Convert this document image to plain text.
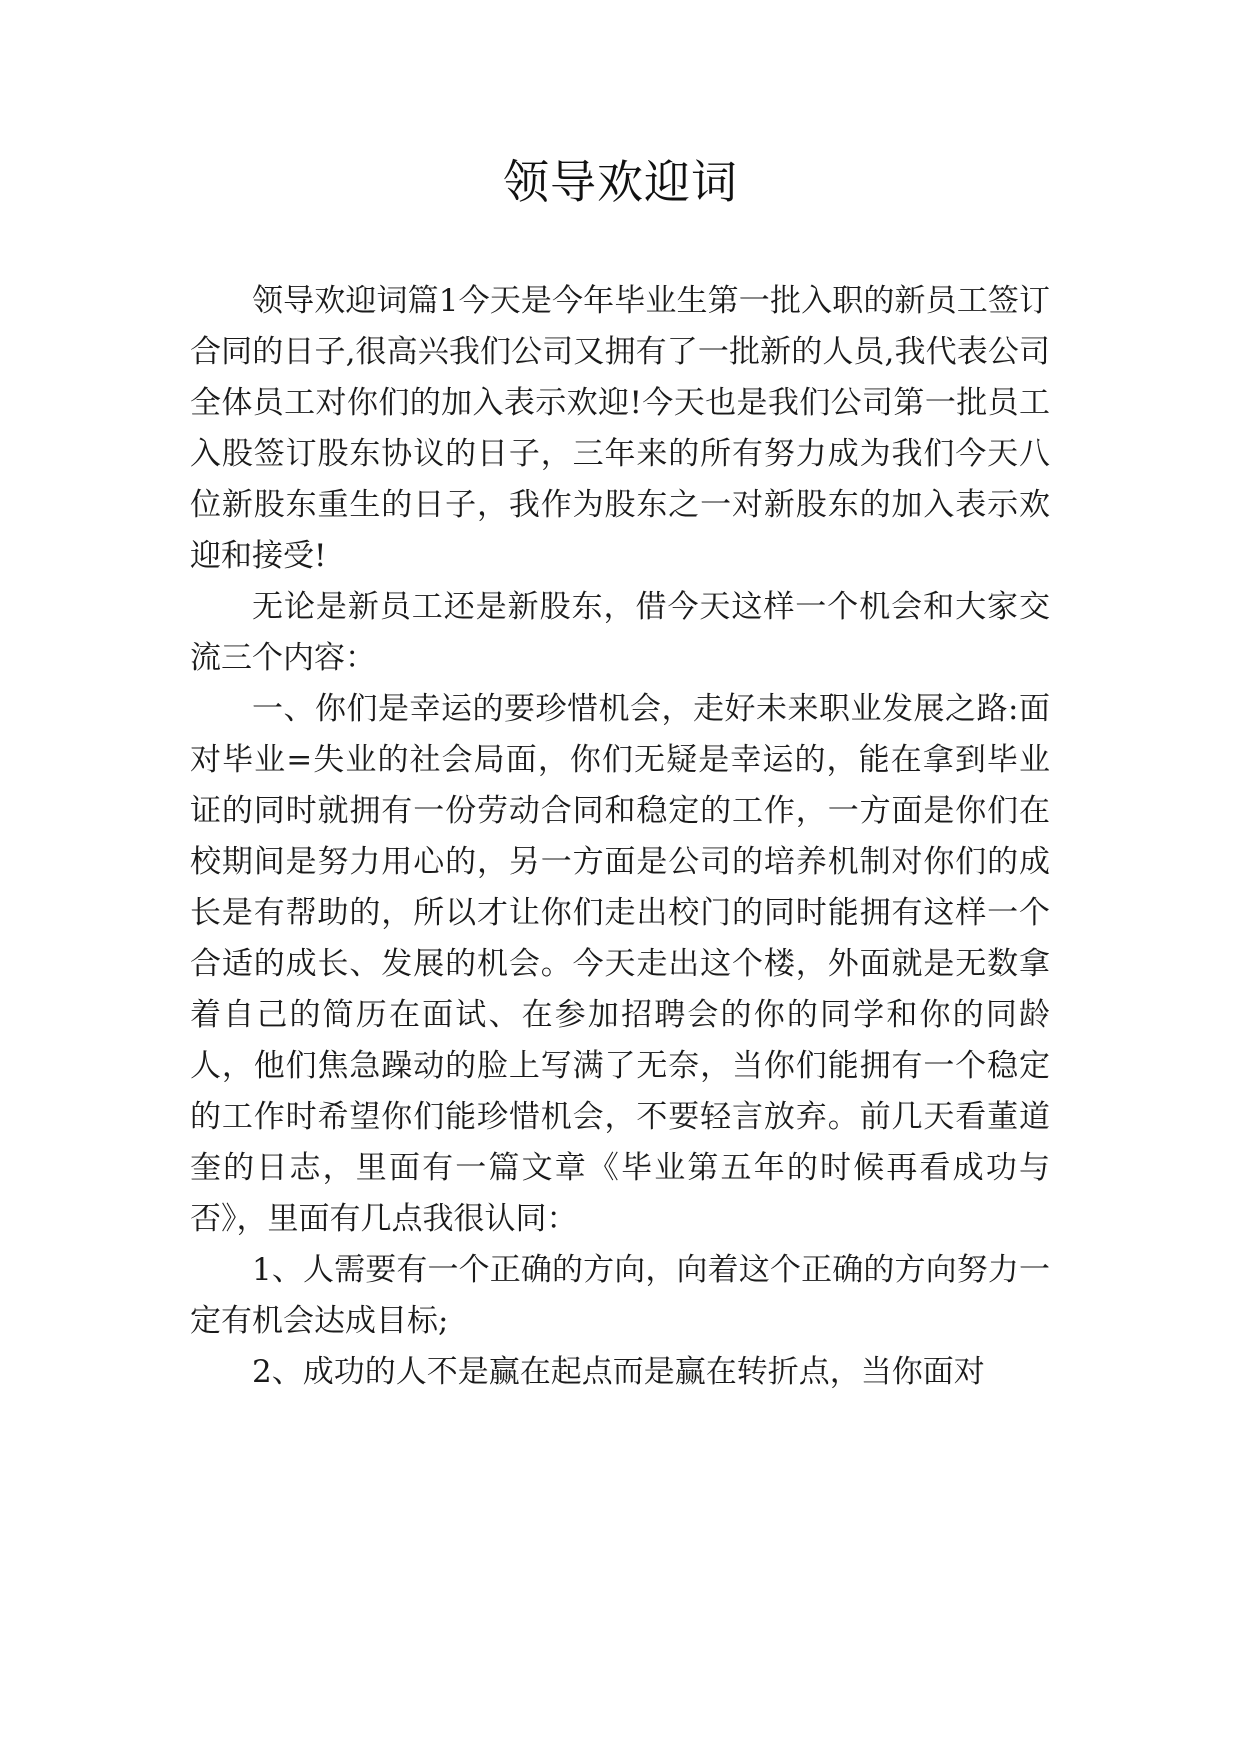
领导欢迎词

领导欢迎词篇1今天是今年毕业生第一批入职的新员工签订合同的日子,很高兴我们公司又拥有了一批新的人员,我代表公司全体员工对你们的加入表示欢迎!今天也是我们公司第一批员工入股签订股东协议的日子，三年来的所有努力成为我们今天八位新股东重生的日子，我作为股东之一对新股东的加入表示欢迎和接受!

无论是新员工还是新股东，借今天这样一个机会和大家交流三个内容：

一、你们是幸运的要珍惜机会，走好未来职业发展之路:面对毕业=失业的社会局面，你们无疑是幸运的，能在拿到毕业证的同时就拥有一份劳动合同和稳定的工作，一方面是你们在校期间是努力用心的，另一方面是公司的培养机制对你们的成长是有帮助的，所以才让你们走出校门的同时能拥有这样一个合适的成长、发展的机会。今天走出这个楼，外面就是无数拿着自己的简历在面试、在参加招聘会的你的同学和你的同龄人，他们焦急躁动的脸上写满了无奈，当你们能拥有一个稳定的工作时希望你们能珍惜机会，不要轻言放弃。前几天看董道奎的日志，里面有一篇文章《毕业第五年的时候再看成功与否》，里面有几点我很认同：

1、人需要有一个正确的方向，向着这个正确的方向努力一定有机会达成目标;

2、成功的人不是赢在起点而是赢在转折点，当你面对
